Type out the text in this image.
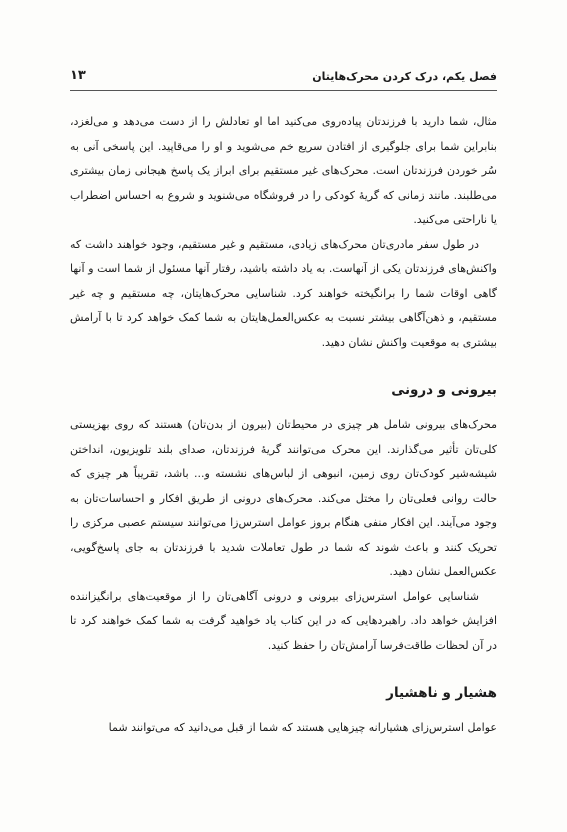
فصل یکم، درک کردن محرک‌هایتان
۱۳

مثال، شما دارید با فرزندتان پیاده‌روی می‌کنید اما او تعادلش را از دست می‌دهد و می‌لغزد، بنابراین شما برای جلوگیری از افتادن سریع خم می‌شوید و او را می‌قاپید. این پاسخی آنی به سُر خوردن فرزندتان است. محرک‌های غیر مستقیم برای ابراز یک پاسخ هیجانی زمان بیشتری می‌طلبند. مانند زمانی که گریهٔ کودکی را در فروشگاه می‌شنوید و شروع به احساس اضطراب یا ناراحتی می‌کنید.

در طول سفر مادری‌تان محرک‌های زیادی، مستقیم و غیر مستقیم، وجود خواهند داشت که واکنش‌های فرزندتان یکی از آنهاست. به یاد داشته باشید، رفتار آنها مسئول از شما است و آنها گاهی اوقات شما را برانگیخته خواهند کرد. شناسایی محرک‌هایتان، چه مستقیم و چه غیر مستقیم، و ذهن‌آگاهی بیشتر نسبت به عکس‌العمل‌هایتان به شما کمک خواهد کرد تا با آرامش بیشتری به موقعیت واکنش نشان دهید.

بیرونی و درونی

محرک‌های بیرونی شامل هر چیزی در محیط‌تان (بیرون از بدن‌تان) هستند که روی بهزیستی کلی‌تان تأثیر می‌گذارند. این محرک می‌توانند گریهٔ فرزندتان، صدای بلند تلویزیون، انداختن شیشه‌شیر کودک‌تان روی زمین، انبوهی از لباس‌های نشسته و... باشد، تقریباً هر چیزی که حالت روانی فعلی‌تان را مختل می‌کند. محرک‌های درونی از طریق افکار و احساسات‌تان به وجود می‌آیند. این افکار منفی هنگام بروز عوامل استرس‌زا می‌توانند سیستم عصبی مرکزی را تحریک کنند و باعث شوند که شما در طول تعاملات شدید با فرزندتان به جای پاسخ‌گویی، عکس‌العمل نشان دهید.

شناسایی عوامل استرس‌زای بیرونی و درونی آگاهی‌تان را از موقعیت‌های برانگیزاننده افزایش خواهد داد. راهبردهایی که در این کتاب یاد خواهید گرفت به شما کمک خواهند کرد تا در آن لحظات طاقت‌فرسا آرامش‌تان را حفظ کنید.

هشیار و ناهشیار

عوامل استرس‌زای هشیارانه چیزهایی هستند که شما از قبل می‌دانید که می‌توانند شما
